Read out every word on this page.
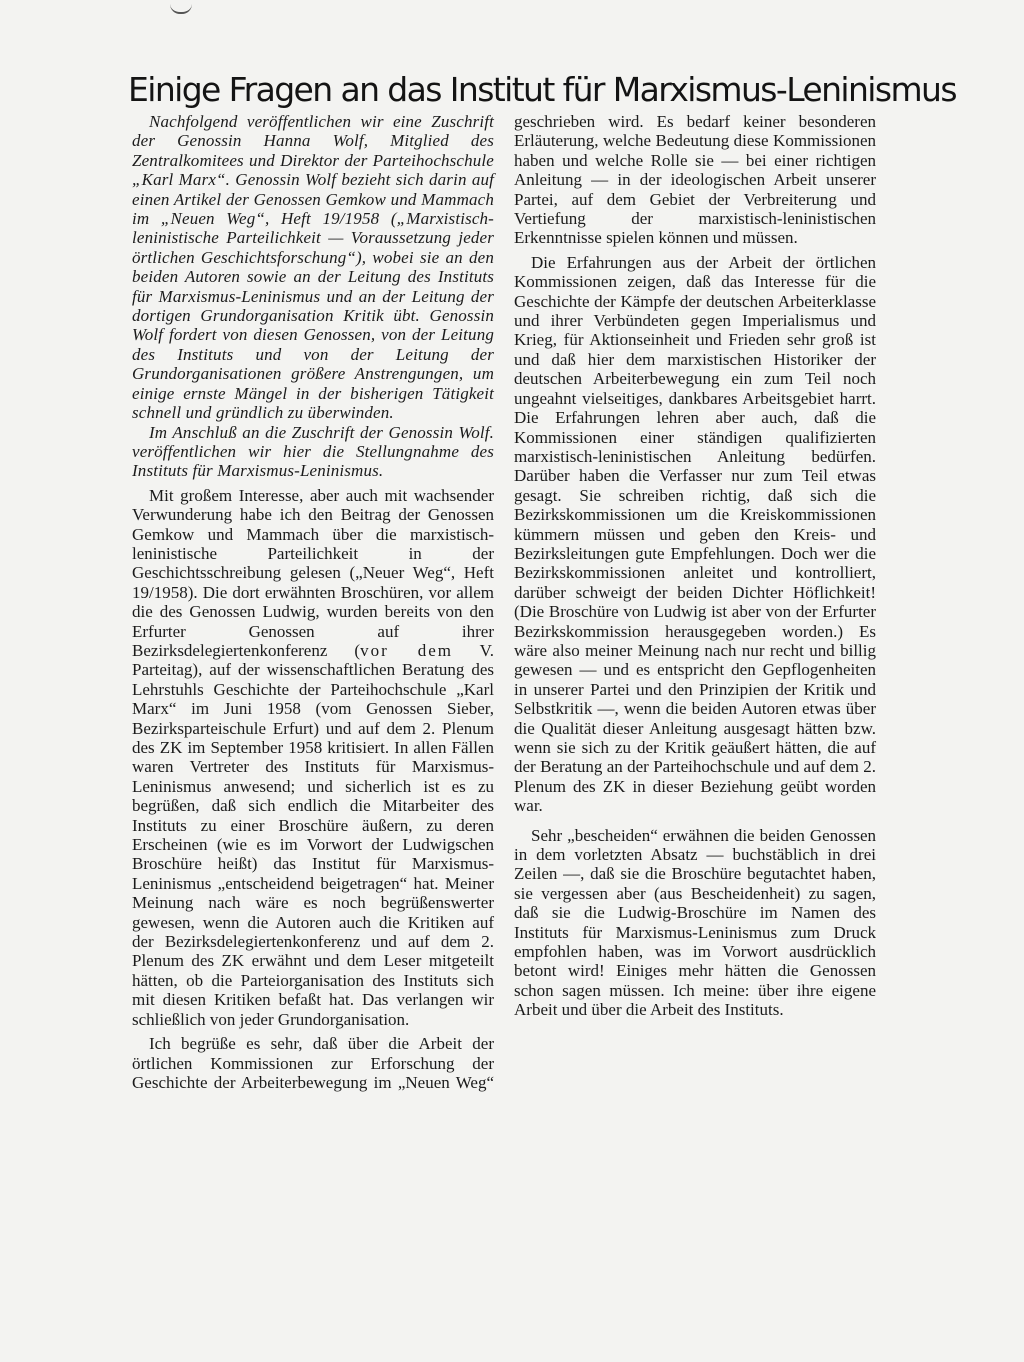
Einige Fragen an das Institut für Marxismus-Leninismus

Nachfolgend veröffentlichen wir eine Zuschrift der Genossin Hanna Wolf, Mitglied des Zentralkomitees und Direktor der Parteihochschule „Karl Marx“. Genossin Wolf bezieht sich darin auf einen Artikel der Genossen Gemkow und Mammach im „Neuen Weg“, Heft 19/1958 („Marxistisch-leninistische Parteilichkeit — Voraussetzung jeder örtlichen Geschichtsforschung“), wobei sie an den beiden Autoren sowie an der Leitung des Instituts für Marxismus-Leninismus und an der Leitung der dortigen Grundorganisation Kritik übt. Genossin Wolf fordert von diesen Genossen, von der Leitung des Instituts und von der Leitung der Grundorganisationen größere Anstrengungen, um einige ernste Mängel in der bisherigen Tätigkeit schnell und gründlich zu überwinden.

Im Anschluß an die Zuschrift der Genossin Wolf. veröffentlichen wir hier die Stellungnahme des Instituts für Marxismus-Leninismus.

Mit großem Interesse, aber auch mit wachsender Verwunderung habe ich den Beitrag der Genossen Gemkow und Mammach über die marxistisch-leninistische Parteilichkeit in der Geschichtsschreibung gelesen („Neuer Weg“, Heft 19/1958). Die dort erwähnten Broschüren, vor allem die des Genossen Ludwig, wurden bereits von den Erfurter Genossen auf ihrer Bezirksdelegiertenkonferenz (vor dem V. Parteitag), auf der wissenschaftlichen Beratung des Lehrstuhls Geschichte der Parteihochschule „Karl Marx“ im Juni 1958 (vom Genossen Sieber, Bezirksparteischule Erfurt) und auf dem 2. Plenum des ZK im September 1958 kritisiert. In allen Fällen waren Vertreter des Instituts für Marxismus-Leninismus anwesend; und sicherlich ist es zu begrüßen, daß sich endlich die Mitarbeiter des Instituts zu einer Broschüre äußern, zu deren Erscheinen (wie es im Vorwort der Ludwigschen Broschüre heißt) das Institut für Marxismus-Leninismus „entscheidend beigetragen“ hat. Meiner Meinung nach wäre es noch begrüßenswerter gewesen, wenn die Autoren auch die Kritiken auf der Bezirksdelegiertenkonferenz und auf dem 2. Plenum des ZK erwähnt und dem Leser mitgeteilt hätten, ob die Parteiorganisation des Instituts sich mit diesen Kritiken befaßt hat. Das verlangen wir schließlich von jeder Grundorganisation.

Ich begrüße es sehr, daß über die Arbeit der örtlichen Kommissionen zur Erforschung der Geschichte der Arbeiterbewegung im „Neuen Weg“

geschrieben wird. Es bedarf keiner besonderen Erläuterung, welche Bedeutung diese Kommissionen haben und welche Rolle sie — bei einer richtigen Anleitung — in der ideologischen Arbeit unserer Partei, auf dem Gebiet der Verbreiterung und Vertiefung der marxistisch-leninistischen Erkenntnisse spielen können und müssen.

Die Erfahrungen aus der Arbeit der örtlichen Kommissionen zeigen, daß das Interesse für die Geschichte der Kämpfe der deutschen Arbeiterklasse und ihrer Verbündeten gegen Imperialismus und Krieg, für Aktionseinheit und Frieden sehr groß ist und daß hier dem marxistischen Historiker der deutschen Arbeiterbewegung ein zum Teil noch ungeahnt vielseitiges, dankbares Arbeitsgebiet harrt. Die Erfahrungen lehren aber auch, daß die Kommissionen einer ständigen qualifizierten marxistisch-leninistischen Anleitung bedürfen. Darüber haben die Verfasser nur zum Teil etwas gesagt. Sie schreiben richtig, daß sich die Bezirkskommissionen um die Kreiskommissionen kümmern müssen und geben den Kreis- und Bezirksleitungen gute Empfehlungen. Doch wer die Bezirkskommissionen anleitet und kontrolliert, darüber schweigt der beiden Dichter Höflichkeit! (Die Broschüre von Ludwig ist aber von der Erfurter Bezirkskommission herausgegeben worden.) Es wäre also meiner Meinung nach nur recht und billig gewesen — und es entspricht den Gepflogenheiten in unserer Partei und den Prinzipien der Kritik und Selbstkritik —, wenn die beiden Autoren etwas über die Qualität dieser Anleitung ausgesagt hätten bzw. wenn sie sich zu der Kritik geäußert hätten, die auf der Beratung an der Parteihochschule und auf dem 2. Plenum des ZK in dieser Beziehung geübt worden war.

Sehr „bescheiden“ erwähnen die beiden Genossen in dem vorletzten Absatz — buchstäblich in drei Zeilen —, daß sie die Broschüre begutachtet haben, sie vergessen aber (aus Bescheidenheit) zu sagen, daß sie die Ludwig-Broschüre im Namen des Instituts für Marxismus-Leninismus zum Druck empfohlen haben, was im Vorwort ausdrücklich betont wird! Einiges mehr hätten die Genossen schon sagen müssen. Ich meine: über ihre eigene Arbeit und über die Arbeit des Instituts.
